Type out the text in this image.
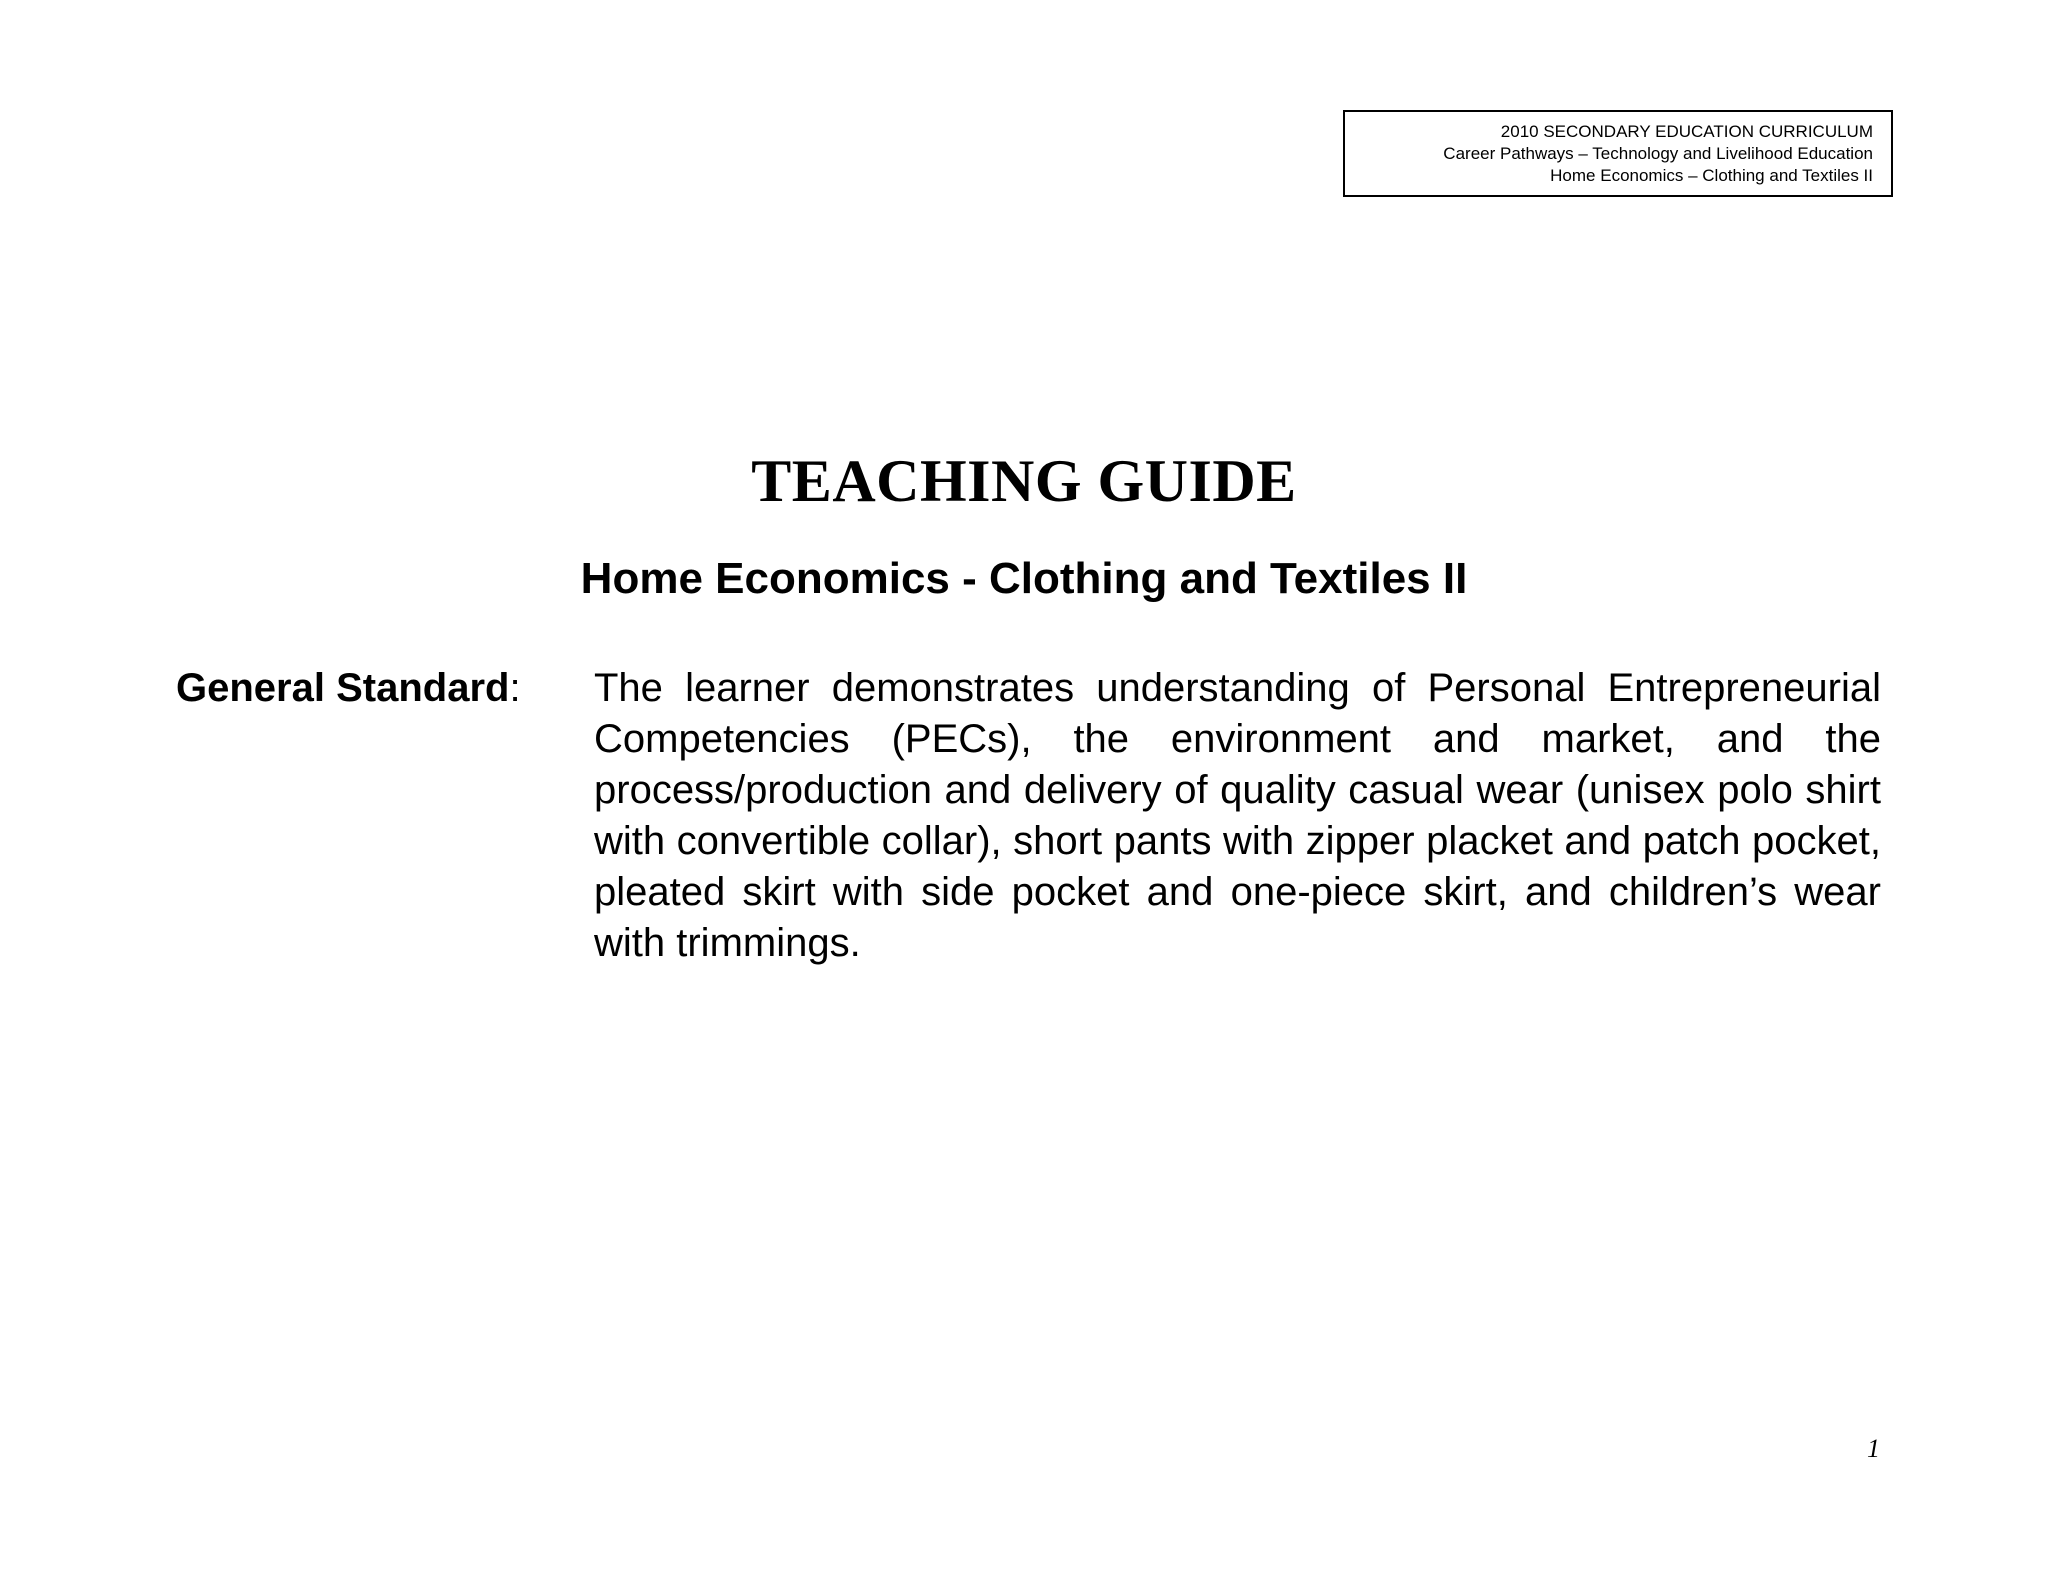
2010 SECONDARY EDUCATION CURRICULUM
Career Pathways – Technology and Livelihood Education
Home Economics – Clothing and Textiles II
TEACHING GUIDE
Home Economics - Clothing and Textiles II

General Standard: The learner demonstrates understanding of Personal Entrepreneurial Competencies (PECs), the environment and market, and the process/production and delivery of quality casual wear (unisex polo shirt with convertible collar), short pants with zipper placket and patch pocket, pleated skirt with side pocket and one-piece skirt, and children’s wear with trimmings.

1
